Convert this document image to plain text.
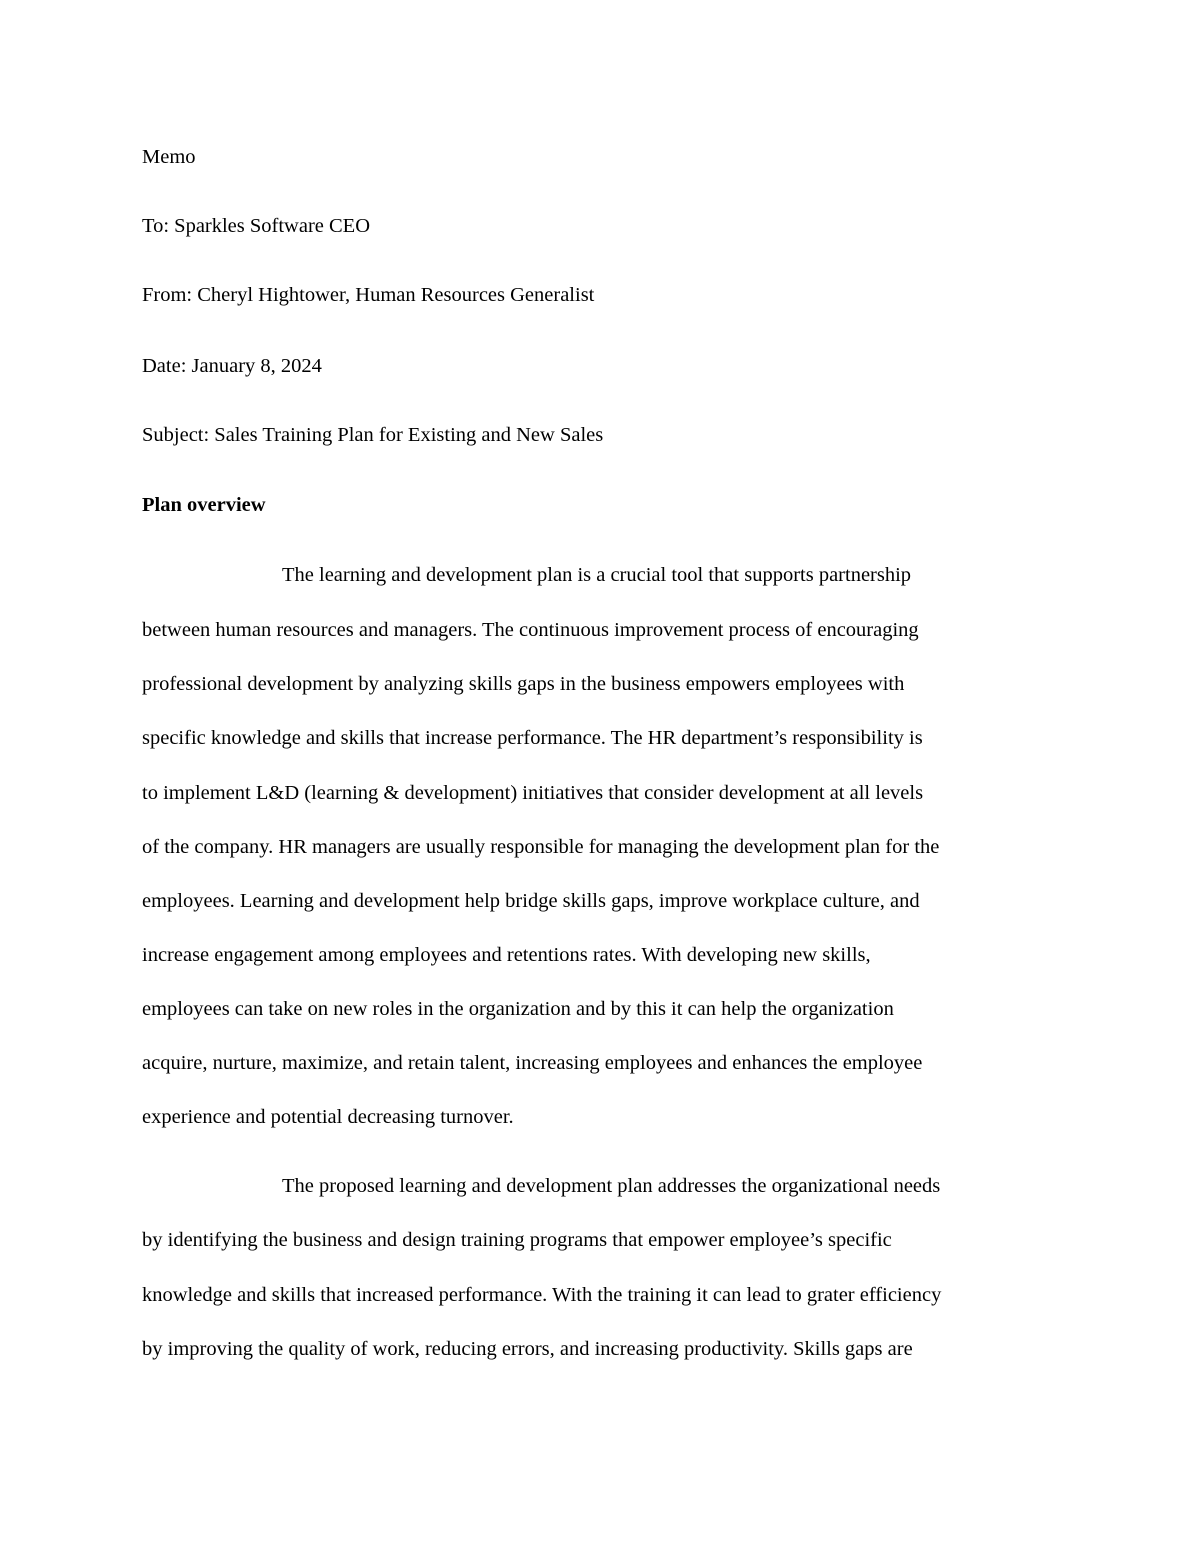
Memo
To: Sparkles Software CEO
From: Cheryl Hightower, Human Resources Generalist
Date: January 8, 2024
Subject: Sales Training Plan for Existing and New Sales
Plan overview
The learning and development plan is a crucial tool that supports partnership
between human resources and managers. The continuous improvement process of encouraging
professional development by analyzing skills gaps in the business empowers employees with
specific knowledge and skills that increase performance. The HR department’s responsibility is
to implement L&D (learning & development) initiatives that consider development at all levels
of the company. HR managers are usually responsible for managing the development plan for the
employees. Learning and development help bridge skills gaps, improve workplace culture, and
increase engagement among employees and retentions rates. With developing new skills,
employees can take on new roles in the organization and by this it can help the organization
acquire, nurture, maximize, and retain talent, increasing employees and enhances the employee
experience and potential decreasing turnover.
The proposed learning and development plan addresses the organizational needs
by identifying the business and design training programs that empower employee’s specific
knowledge and skills that increased performance. With the training it can lead to grater efficiency
by improving the quality of work, reducing errors, and increasing productivity. Skills gaps are
